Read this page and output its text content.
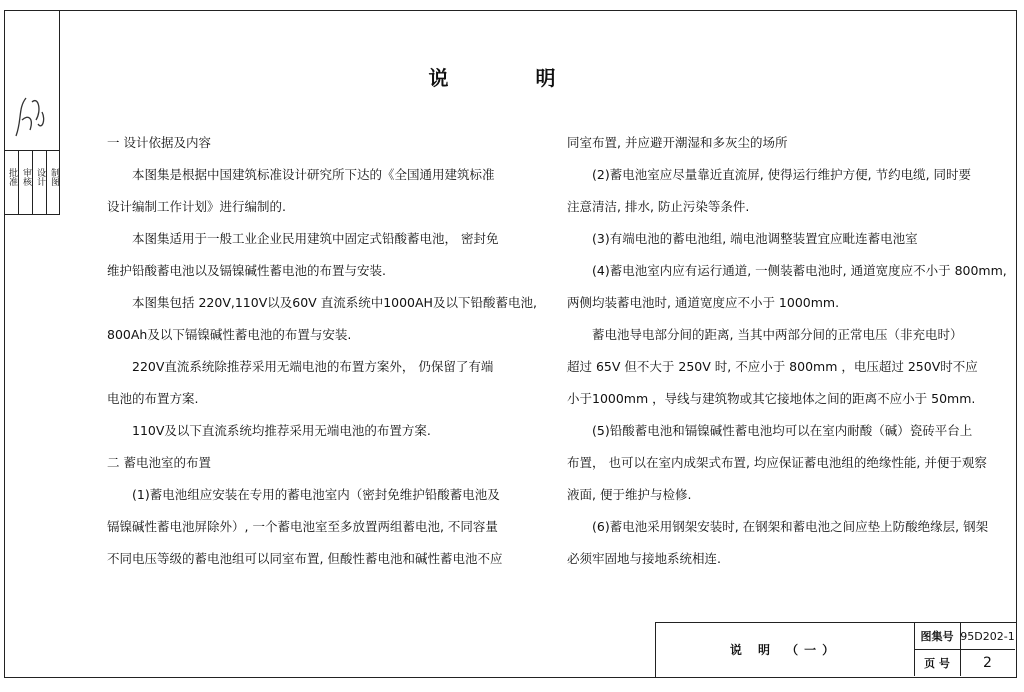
批准 审核 设计 制图
说 明

一 设计依据及内容

本图集是根据中国建筑标准设计研究所下达的《全国通用建筑标准

设计编制工作计划》进行编制的.

本图集适用于一般工业企业民用建筑中固定式铅酸蓄电池， 密封免

维护铅酸蓄电池以及镉镍碱性蓄电池的布置与安装.

本图集包括 220V,110V以及60V 直流系统中1000AH及以下铅酸蓄电池,

800Ah及以下镉镍碱性蓄电池的布置与安装.

220V直流系统除推荐采用无端电池的布置方案外， 仍保留了有端

电池的布置方案.

110V及以下直流系统均推荐采用无端电池的布置方案.

二 蓄电池室的布置

(1)蓄电池组应安装在专用的蓄电池室内（密封免维护铅酸蓄电池及

镉镍碱性蓄电池屏除外）, 一个蓄电池室至多放置两组蓄电池, 不同容量

不同电压等级的蓄电池组可以同室布置, 但酸性蓄电池和碱性蓄电池不应

同室布置, 并应避开潮湿和多灰尘的场所

(2)蓄电池室应尽量靠近直流屏, 使得运行维护方便, 节约电缆, 同时要

注意清洁, 排水, 防止污染等条件.

(3)有端电池的蓄电池组, 端电池调整装置宜应毗连蓄电池室

(4)蓄电池室内应有运行通道, 一侧装蓄电池时, 通道宽度应不小于 800mm,

两侧均装蓄电池时, 通道宽度应不小于 1000mm.

蓄电池导电部分间的距离, 当其中两部分间的正常电压（非充电时）

超过 65V 但不大于 250V 时, 不应小于 800mm ，电压超过 250V时不应

小于1000mm ，导线与建筑物或其它接地体之间的距离不应小于 50mm.

(5)铅酸蓄电池和镉镍碱性蓄电池均可以在室内耐酸（碱）瓷砖平台上

布置， 也可以在室内成架式布置, 均应保证蓄电池组的绝缘性能, 并便于观察

液面, 便于维护与检修.

(6)蓄电池采用钢架安装时, 在钢架和蓄电池之间应垫上防酸绝缘层, 钢架

必须牢固地与接地系统相连.

说 明 （一）
图集号 95D202-1
页 号	2
